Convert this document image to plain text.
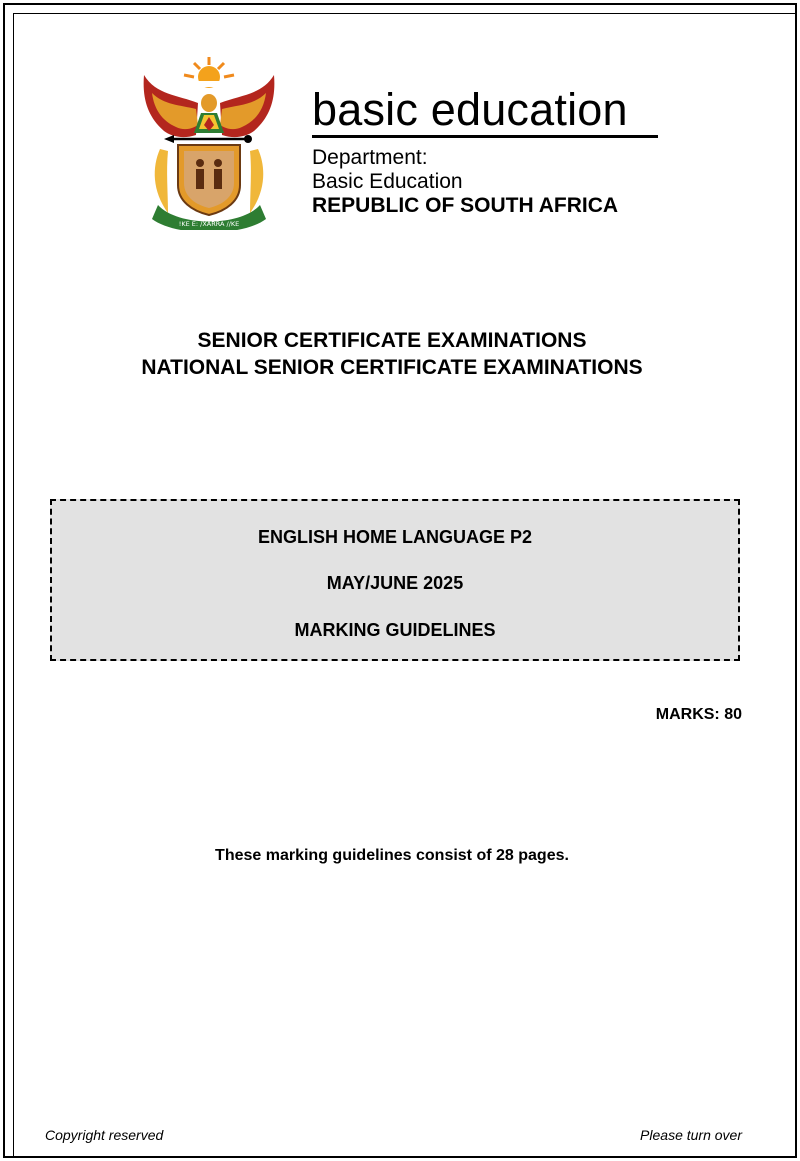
!KE E: /XARRA //KE
basic education
Department:
Basic Education
REPUBLIC OF SOUTH AFRICA
SENIOR CERTIFICATE EXAMINATIONS
NATIONAL SENIOR CERTIFICATE EXAMINATIONS
ENGLISH HOME LANGUAGE P2
MAY/JUNE 2025
MARKING GUIDELINES
MARKS: 80
These marking guidelines consist of 28 pages.
Copyright reserved	Please turn over
